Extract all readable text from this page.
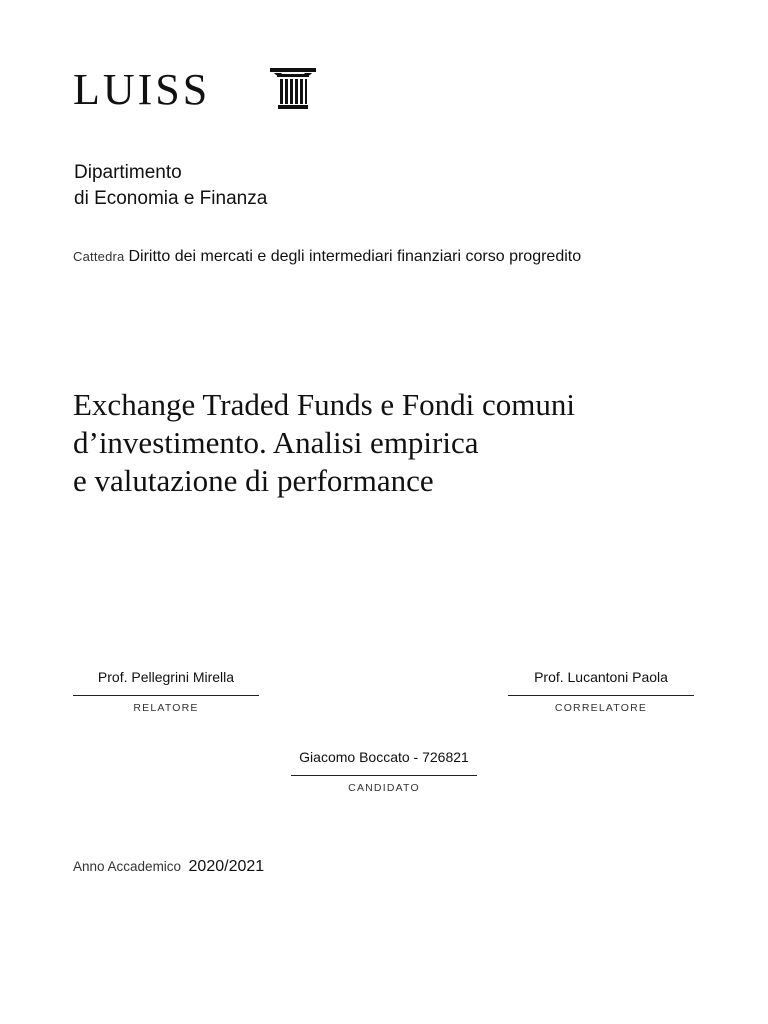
LUISS
Dipartimento
di Economia e Finanza
Cattedra Diritto dei mercati e degli intermediari finanziari corso progredito
Exchange Traded Funds e Fondi comuni
d’investimento. Analisi empirica
e valutazione di performance
Prof. Pellegrini Mirella
RELATORE
Prof. Lucantoni Paola
CORRELATORE
Giacomo Boccato - 726821
CANDIDATO
Anno Accademico 2020/2021
